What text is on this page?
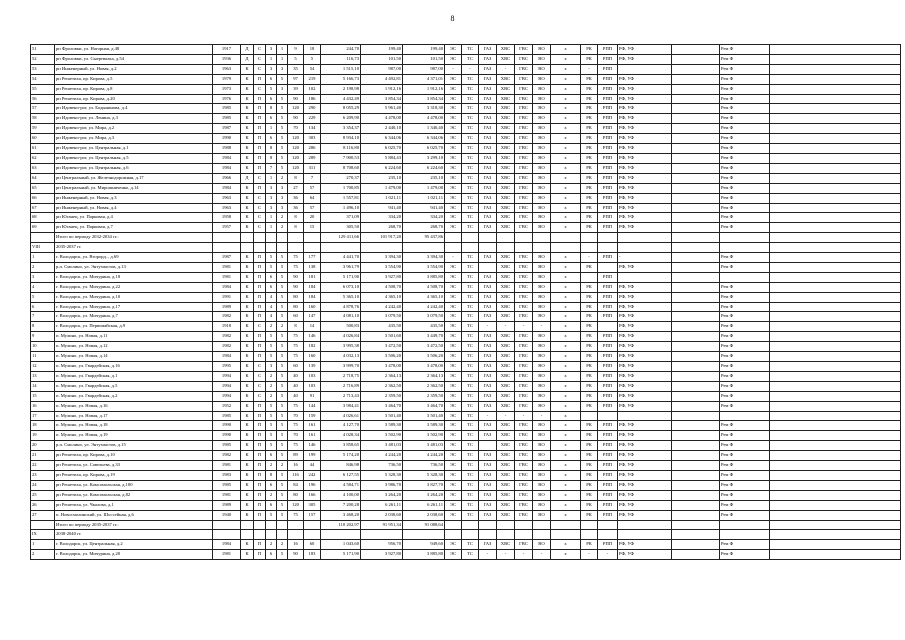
8
51	рп Фроловки, ул. Нагорная, д.48	1917	Д	С	3	1	9	18	244,70	199,40	199,40	ЭС	ТС	ГАЗ	ХВС	ГВС	ВО	х	РК	РПП	РФ, УФ		Рем Ф	
52	рп Фроловки, ул. Сыертвалка, д.54	1936	Д	С	1	1	5	5	116,73	101,50	101,50	ЭС	ТС	ГАЗ	ХВС	ГВС	ВО	х	РК	РПП	РФ, УФ		Рем Ф	
53	рп Инженерный, ул. Новая, д.2	1963	К	С	3	3	35	54	1 515,10	987,00	987,00	-	-	ГАЗ	-	ГВС	ВО	х	-	РПП			Рем Ф	
54	рп Решетиха, пр. Кирова, д.5	1979	К	П	6	5	97	219	5 166,73	4 492,81	4 371,01	ЭС	ТС	ГАЗ	ХВС	ГВС	ВО	х	РК	РПП	РФ, УФ		Рем Ф	
55	рп Решетиха, пр. Кирова, д.8	1973	К	С	5	3	39	102	2 198,98	1 912,16	1 912,16	ЭС	ТС	ГАЗ	ХВС	ГВС	ВО	х	РК	РПП	РФ, УФ		Рем Ф	
56	рп Решетиха, пр. Кирова, д.20	1976	К	П	6	5	90	186	4 432,49	3 854,34	3 854,34	ЭС	ТС	ГАЗ	ХВС	ГВС	ВО	х	РК	РПП	РФ, УФ		Рем Ф	
57	рп Идовено-рог, ул. Бодынинова, д.4	1985	К	П	8	5	120	290	8 055,29	5 961,40	3 318,30	ЭС	ТС	ГАЗ	ХВС	ГВС	ВО	х	РК	РПП	РФ, УФ		Рем Ф	
58	рп Идовено-рог, ул. Ленина, д.3	1985	К	П	6	5	90	229	6 209,90	4 478,00	4 478,00	ЭС	ТС	ГАЗ	ХВС	ГВС	ВО	х	РК	РПП	РФ, УФ		Рем Ф	
59	рп Идовено-рог, ул. Мира, д.2	1987	К	П	1	5	70	134	3 354,37	2 440,10	1 340,40	ЭС	ТС	ГАЗ	ХВС	ГВС	ВО	х	РК	РПП	РФ, УФ		Рем Ф	
60	рп Идовено-рог, ул. Мира, д.3	1990	К	П	6	5	120	303	8 934,10	6 344,06	6 344,06	ЭС	ТС	ГАЗ	ХВС	ГВС	ВО	х	РК	РПП	РФ, УФ		Рем Ф	
61	рп Идовено-рог, ул. Центральная, д.1	1988	К	П	8	5	120	286	8 116,80	6 025,70	6 025,70	ЭС	ТС	ГАЗ	ХВС	ГВС	ВО	х	РК	РПП	РФ, УФ		Рем Ф	
62	рп Идовено-рог, ул. Центральная, д.5	1984	К	П	8	5	120	289	7 900,53	5 884,43	3 299,10	ЭС	ТС	ГАЗ	ХВС	ГВС	ВО	х	РК	РПП	РФ, УФ		Рем Ф	
63	рп Идовено-рог, ул. Центральная, д.6	1984	К	П	7	5	120	311	8 708,60	6 224,60	6 224,60	ЭС	ТС	ГАЗ	ХВС	ГВС	ВО	х	РК	РПП	РФ, УФ		Рем Ф	
64	рп Центральный, ул. Железнодорожная, д.17	1966	Д	С	1	2	8	7	270,37	235,10	235,10	ЭС	ТС	ГАЗ	ХВС	ГВС	ВО	х	РК	РПП	РФ, УФ		Рем Ф	
65	рп Центральный, ул. Мирошниченко, д.14	1984	К	П	3	3	27	57	1 700,85	1 479,00	1 479,00	ЭС	ТС	ГАЗ	ХВС	ГВС	ВО	х	РК	РПП	РФ, УФ		Рем Ф	
66	рп Инженерный, ул. Новая, д.3	1963	К	С	3	3	36	64	1 557,81	1 021,11	1 021,11	ЭС	ТС	ГАЗ	ХВС	ГВС	ВО	х	РК	РПП	РФ, УФ		Рем Ф	
67	рп Инженерный, ул. Новая, д.4	1963	К	С	3	3	36	57	1 496,10	941,40	941,40	ЭС	ТС	ГАЗ	ХВС	ГВС	ВО	х	РК	РПП	РФ, УФ		Рем Ф	
68	рп Юганец, ул. Парковая, д.4	1958	К	С	1	2	8	20	371,09	334,20	334,20	ЭС	ТС	ГАЗ	ХВС	ГВС	ВО	х	РК	РПП	РФ, УФ		Рем Ф	
69	рп Юганец, ул. Парковая, д.7	1957	К	С	1	2	8	15	305,50	268,70	268,70	ЭС	ТС	ГАЗ	ХВС	ГВС	ВО	х	РК	РПП	РФ, УФ		Рем Ф	
	Итого по периоду 2032-2034 гг.:								129 411,66	101 917,20	95 437,86													
VIII	2035-2037 гг.																							
1	г. Володарск, ул. Второрд.., д.69	1987	К	П	5	5	75	177	4 441,70	3 394,30	3 394,30	-	ТС	ГАЗ	ХВС	ГВС	ВО	х	-	РПП	-		Рем Ф	
2	р.п. Смолино, ул. Энтузиастов, д.13	1981	К	П	5	5	75	138	3 961,79	3 554,90	3 554,90	ЭС	ТС		ХВС	ГВС	ВО	х	РК		РФ, УФ		Рем Ф	
3	г. Володарск, ул. Мичурина, д.18	1981	К	П	6	5	90	181	5 171,90	3 927,80	3 885,80	ЭС	ТС	ГАЗ	ХВС	ГВС	ВО	х		РПП				
4	г. Володарск, ул. Мичурина, д.22	1984	К	П	6	5	90	184	6 073,10	4 508,70	4 508,70	ЭС	ТС	ГАЗ	ХВС	ГВС	ВО	х	РК	РПП	РФ, УФ		Рем Ф	
5	г. Володарск, ул. Мичурина, д.10	1991	К	П	4	5	80	184	5 365,10	4 365,10	4 365,10	ЭС	ТС	ГАЗ	ХВС	ГВС	ВО	х	РК	РПП	РФ, УФ		Рем Ф	
6	г. Володарск, ул. Мичурина, д.17	1989	К	П	4	5	80	160	4 878,76	4 242,40	4 242,40	ЭС	ТС	ГАЗ	ХВС	ГВС	ВО	х	РК	РПП	РФ, УФ		Рем Ф	
7	г. Володарск, ул. Мичурина, д.7	1982	К	П	4	5	60	147	4 081,10	3 079,50	3 079,50	ЭС	ТС	ГАЗ	ХВС	ГВС	ВО	х	РК	РПП	РФ, УФ		Рем Ф	
8	г. Володарск, ул. Первомайская, д.9	1918	К	С	2	2	8	14	500,83	435,50	435,50	ЭС	ТС	-	-	-	-	х	РК		РФ, УФ		Рем Ф	
9	п. Мулино, ул. Новая, д.11	1982	К	П	5	5	75	146	4 026,84	3 501,60	3 449,70	ЭС	ТС	ГАЗ	ХВС	ГВС	ВО	х	РК	РПП	РФ, УФ		Рем Ф	
10	п. Мулино, ул. Новая, д.12	1982	К	П	5	5	75	182	3 995,38	3 472,50	3 472,50	ЭС	ТС	ГАЗ	ХВС	ГВС	ВО	х	РК	РПП	РФ, УФ		Рем Ф	
11	п. Мулино, ул. Новая, д.14	1984	К	П	5	5	75	160	4 032,13	3 506,20	3 506,20	ЭС	ТС	ГАЗ	ХВС	ГВС	ВО	х	РК	РПП	РФ, УФ		Рем Ф	
12	п. Мулино, ул. Гвардейская, д.16	1995	К	С	3	5	60	139	3 999,70	3 478,00	3 478,00	ЭС	ТС	ГАЗ	ХВС	ГВС	ВО	х	РК	РПП	РФ, УФ		Рем Ф	
13	п. Мулино, ул. Гвардейская, д.1	1994	К	С	2	5	40	103	2 718,75	2 364,13	2 364,13	ЭС	ТС	ГАЗ	ХВС	ГВС	ВО	х	РК	РПП	РФ, УФ		Рем Ф	
14	п. Мулино, ул. Гвардейская, д.5	1994	К	С	2	5	40	103	2 716,89	2 362,50	2 362,50	ЭС	ТС	ГАЗ	ХВС	ГВС	ВО	х	РК	РПП	РФ, УФ		Рем Ф	
15	п. Мулино, ул. Гвардейская, д.2	1994	К	С	2	5	40	91	2 713,43	2 359,50	2 359,50	ЭС	ТС	ГАЗ	ХВС	ГВС	ВО	х	РК	РПП	РФ, УФ		Рем Ф	
16	п. Мулино, ул. Новая, д.16	1952	К	П	5	5	75	144	3 984,41	3 464,70	3 464,70	ЭС	ТС	ГАЗ	ХВС	ГВС	ВО	х	РК	РПП	РФ, УФ		Рем Ф	
17	п. Мулино, ул. Новая, д.17	1985	К	П	5	5	70	159	4 026,61	3 501,40	3 501,40	ЭС	ТС	-	-	-	-	х						
18	п. Мулино, ул. Новая, д.18	1990	К	П	5	5	75	161	4 127,70	3 589,30	3 589,30	ЭС	ТС	ГАЗ	ХВС	ГВС	ВО	х	РК	РПП	РФ, УФ		Рем Ф	
19	п. Мулино, ул. Новая, д.19	1990	К	П	5	5	70	161	4 028,34	3 502,90	3 502,90	ЭС	ТС	ГАЗ	ХВС	ГВС	ВО	х	РК	РПП	РФ, УФ		Рем Ф	
20	р.п. Смолино, ул. Энтузиастов, д.15	1985	К	П	5	5	75	146	3 858,65	3 481,03	3 481,03	ЭС	ТС		ХВС	ГВС	ВО	х	РК	РПП	РФ, УФ		Рем Ф	
21	рп Решетиха, пр. Кирова, д.10	1982	К	П	6	5	89	199	5 174,20	4 244,20	4 244,20	ЭС	ТС	ГАЗ	ХВС	ГВС	ВО	х	РК	РПП	РФ, УФ		Рем Ф	
22	рп Решетиха, ул. Савельева, д.33	1981	К	П	2	2	16	44	846,98	736,50	736,50	ЭС	ТС	ГАЗ	ХВС	ГВС	ВО	х	РК	РПП	РФ, УФ		Рем Ф	
23	рп Решетиха, пр. Кирова, д.19	1983	К	П	8	5	116	242	6 127,55	5 328,30	5 328,30	ЭС	ТС	ГАЗ	ХВС	ГВС	ВО	х	РК	РПП	РФ, УФ		Рем Ф	
24	рп Решетиха, ул. Комсомольская, д.100	1985	К	П	6	5	84	196	4 584,71	3 986,70	3 827,70	ЭС	ТС	ГАЗ	ХВС	ГВС	ВО	х	РК	РПП	РФ, УФ		Рем Ф	
25	рп Решетиха, ул. Комсомольская, д.82	1981	К	П	2	5	80	166	4 100,00	3 264,20	3 264,20	ЭС	ТС	ГАЗ	ХВС	ГВС	ВО	х	РК	РПП	РФ, УФ		Рем Ф	
26	рп Решетиха, ул. Чкалова, д.1	1989	К	П	6	5	120	305	7 200,28	6 261,11	6 261,11	ЭС	ТС	ГАЗ	ХВС	ГВС	ВО	х	РК	РПП	РФ, УФ		Рем Ф	
27	п. Новосмолинский, ул. Шоссейная, д.6	1940	К	П	5	5	75	157	3 468,20	2 038,60	2 038,60	ЭС	ТС	ГАЗ	ХВС	ГВС	ВО	х	РК	РПП	РФ, УФ		Рем Ф	
	Итого по периоду 2035-2037 гг.:								110 202,97	91 951,34	91 088,64													
IX	2038-2040 гг.																							
1	г. Володарск, ул. Центральная, д.2	1984	К	П	2	2	16	60	1 043,60	956,70	949,60	ЭС	ТС	ГАЗ	ХВС	ГВС	ВО	х	РК	РПП	РФ, УФ		Рем Ф	
2	г. Володарск, ул. Мичурина, д.20	1981	К	П	6	5	90	183	5 171,90	3 927,80	3 885,80	ЭС	ТС	-	-	-	-	х	-	-	РФ, УФ		Рем Ф	
